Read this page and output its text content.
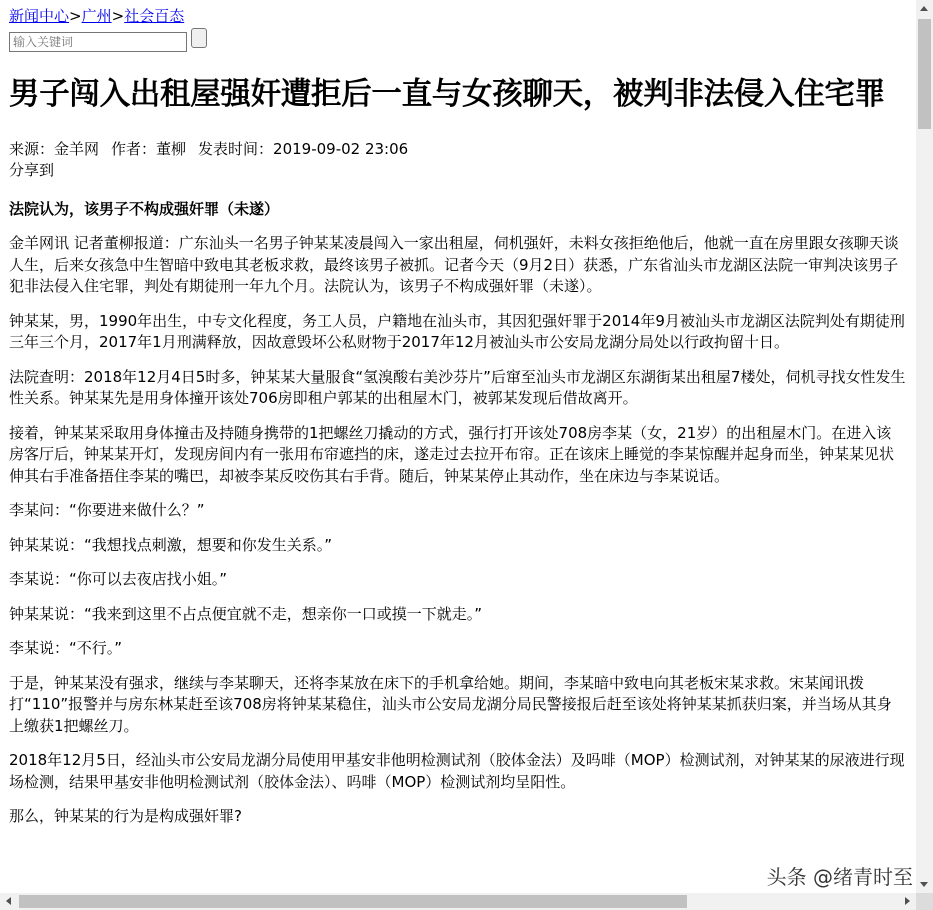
新闻中心>广州>社会百态
输入关键词
男子闯入出租屋强奸遭拒后一直与女孩聊天，被判非法侵入住宅罪
来源：金羊网 作者：董柳 发表时间：2019-09-02 23:06
分享到
法院认为，该男子不构成强奸罪（未遂）

金羊网讯 记者董柳报道：广东汕头一名男子钟某某凌晨闯入一家出租屋，伺机强奸，未料女孩拒绝他后，他就一直在房里跟女孩聊天谈人生，后来女孩急中生智暗中致电其老板求救，最终该男子被抓。记者今天（9月2日）获悉，广东省汕头市龙湖区法院一审判决该男子犯非法侵入住宅罪，判处有期徒刑一年九个月。法院认为，该男子不构成强奸罪（未遂）。

钟某某，男，1990年出生，中专文化程度，务工人员，户籍地在汕头市，其因犯强奸罪于2014年9月被汕头市龙湖区法院判处有期徒刑三年三个月，2017年1月刑满释放，因故意毁坏公私财物于2017年12月被汕头市公安局龙湖分局处以行政拘留十日。

法院查明：2018年12月4日5时多，钟某某大量服食“氢溴酸右美沙芬片”后窜至汕头市龙湖区东湖街某出租屋7楼处，伺机寻找女性发生性关系。钟某某先是用身体撞开该处706房即租户郭某的出租屋木门，被郭某发现后借故离开。

接着，钟某某采取用身体撞击及持随身携带的1把螺丝刀撬动的方式，强行打开该处708房李某（女，21岁）的出租屋木门。在进入该房客厅后，钟某某开灯，发现房间内有一张用布帘遮挡的床，遂走过去拉开布帘。正在该床上睡觉的李某惊醒并起身而坐，钟某某见状伸其右手准备捂住李某的嘴巴，却被李某反咬伤其右手背。随后，钟某某停止其动作，坐在床边与李某说话。

李某问：“你要进来做什么？”

钟某某说：“我想找点刺激，想要和你发生关系。”

李某说：“你可以去夜店找小姐。”

钟某某说：“我来到这里不占点便宜就不走，想亲你一口或摸一下就走。”

李某说：“不行。”

于是，钟某某没有强求，继续与李某聊天，还将李某放在床下的手机拿给她。期间，李某暗中致电向其老板宋某求救。宋某闻讯拨打“110”报警并与房东林某赶至该708房将钟某某稳住，汕头市公安局龙湖分局民警接报后赶至该处将钟某某抓获归案，并当场从其身上缴获1把螺丝刀。

2018年12月5日，经汕头市公安局龙湖分局使用甲基安非他明检测试剂（胶体金法）及吗啡（MOP）检测试剂，对钟某某的尿液进行现场检测，结果甲基安非他明检测试剂（胶体金法）、吗啡（MOP）检测试剂均呈阳性。

那么，钟某某的行为是构成强奸罪?

头条 @绪青时至
